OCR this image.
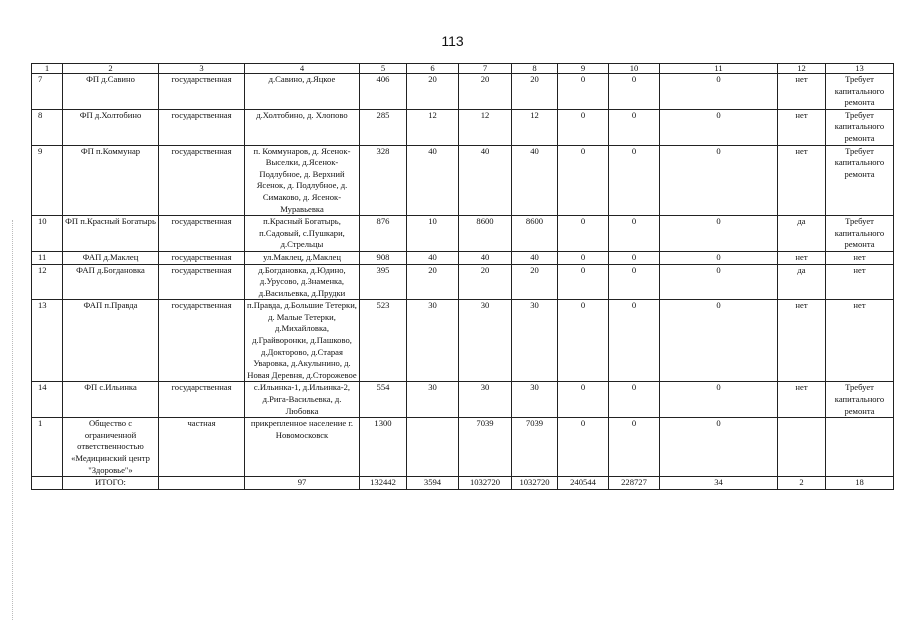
113
1	2	3	4	5	6	7	8	9	10	11	12	13
7	ФП д.Савино	государственная	д.Савино, д.Яцкое	406	20	20	20	0	0	0	нет	Требует капитального ремонта
8	ФП д.Холтобино	государственная	д.Холтобино, д. Хлопово	285	12	12	12	0	0	0	нет	Требует капитального ремонта
9	ФП п.Коммунар	государственная	п. Коммунаров, д. Ясенок-Выселки, д.Ясенок-Подлубное, д. Верхний Ясенок, д. Подлубное, д. Симаково, д. Ясенок-Муравьевка	328	40	40	40	0	0	0	нет	Требует капитального ремонта
10	ФП п.Красный Богатырь	государственная	п.Красный Богатырь, п.Садовый, с.Пушкари, д.Стрельцы	876	10	8600	8600	0	0	0	да	Требует капитального ремонта
11	ФАП д.Маклец	государственная	ул.Маклец, д.Маклец	908	40	40	40	0	0	0	нет	нет
12	ФАП д.Богдановка	государственная	д.Богдановка, д.Юдино, д.Урусово, д.Знаменка, д.Васильевка, д.Прудки	395	20	20	20	0	0	0	да	нет
13	ФАП п.Правда	государственная	п.Правда, д.Большие Тетерки, д. Малые Тетерки, д.Михайловка, д.Грайворонки, д.Пашково, д.Доктopoвo, д.Старая Уваровка, д.Акулынино, д. Новая Деревня, д.Сторожевое	523	30	30	30	0	0	0	нет	нет
14	ФП с.Ильинка	государственная	с.Ильинка-1, д.Ильинка-2, д.Рига-Васильевка, д. Любовка	554	30	30	30	0	0	0	нет	Требует капитального ремонта
1	Общество с ограниченной ответственностью «Медицинский центр "Здоровье"»	частная	прикрепленное население г. Новомосковск	1300		7039	7039	0	0	0		
	ИТОГО:		97	132442	3594	1032720	1032720	240544	228727	34	2	18
